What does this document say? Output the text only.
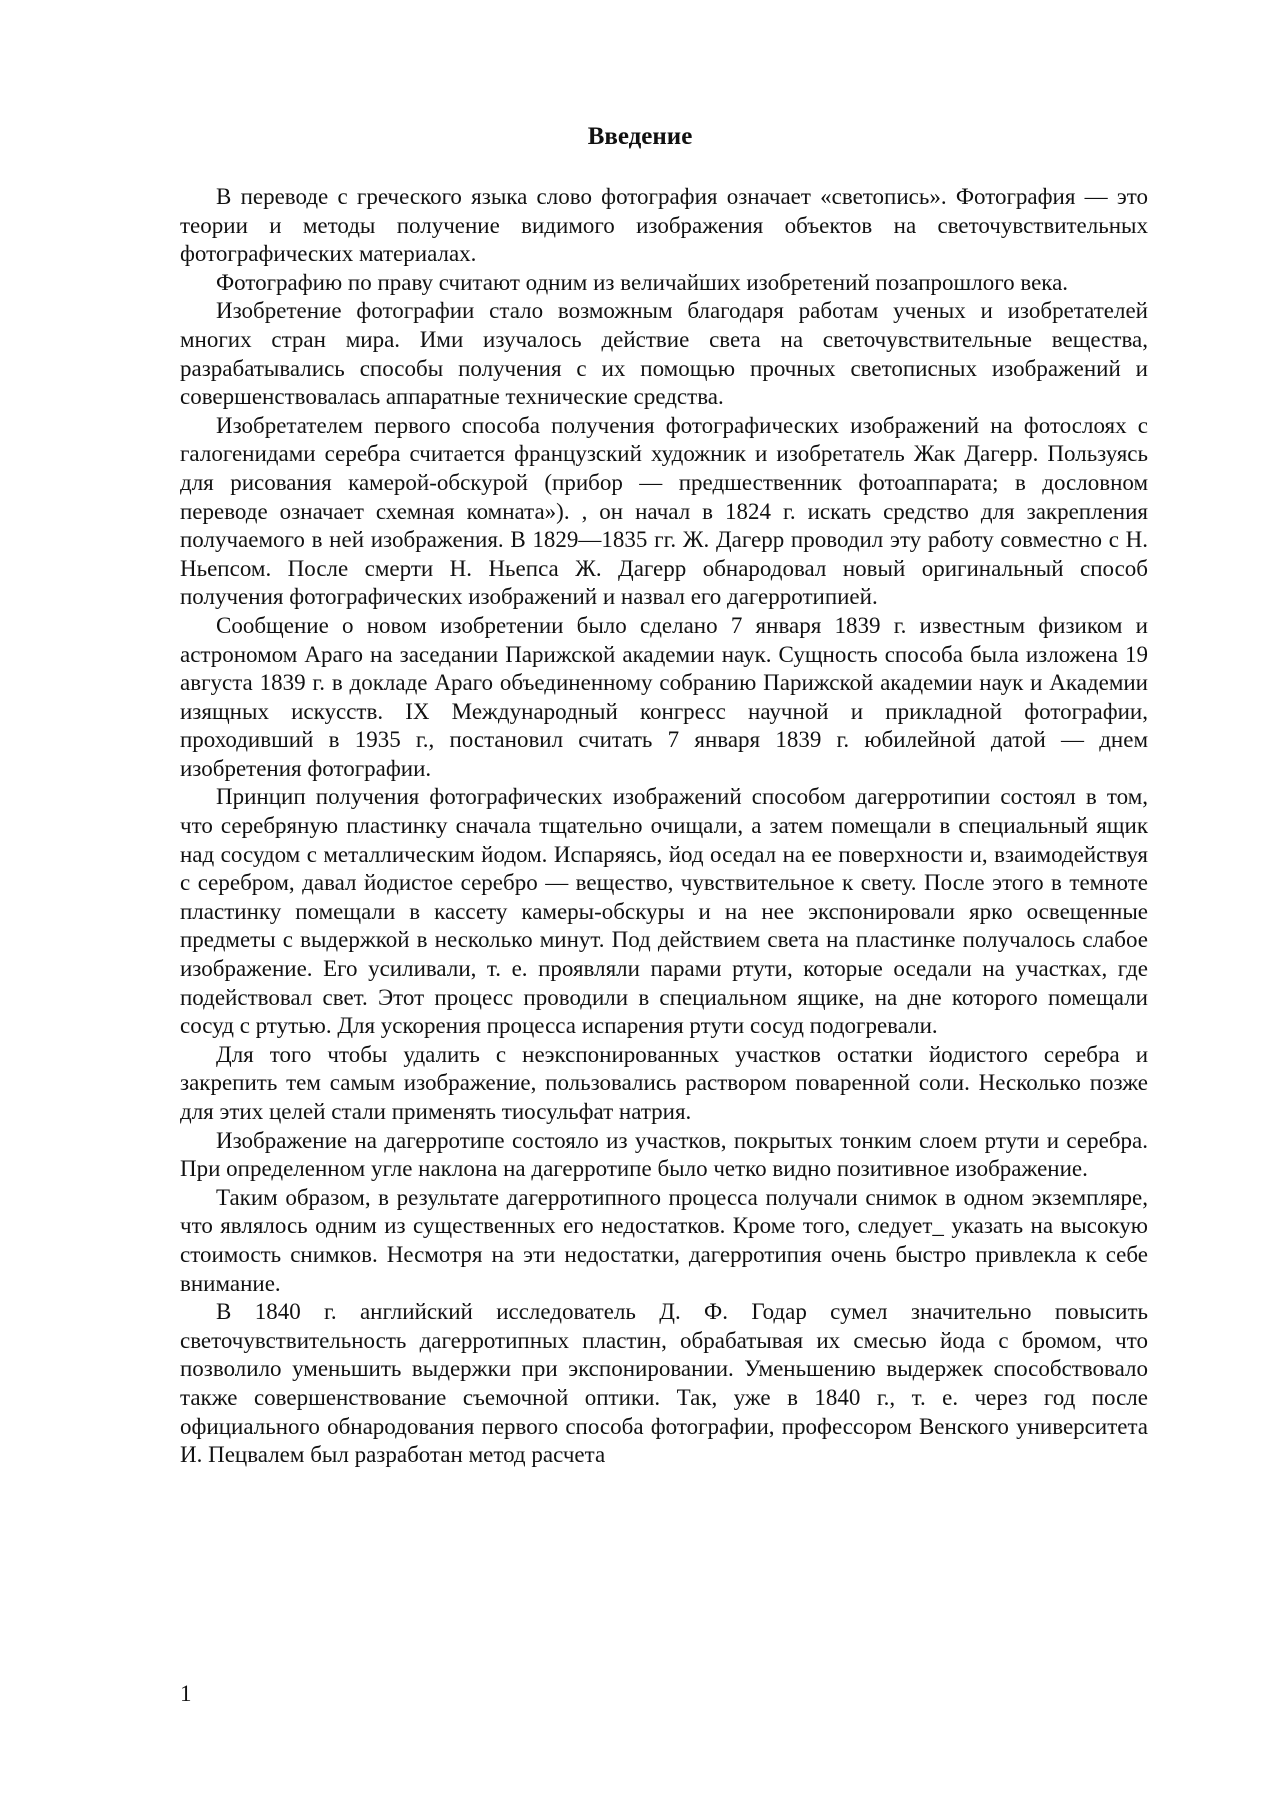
Введение

В переводе с греческого языка слово фотография означает «светопись». Фотография — это теории и методы получение видимого изображения объектов на светочувствительных фотографических материалах.

Фотографию по праву считают одним из величайших изобретений позапрошлого века.

Изобретение фотографии стало возможным благодаря работам ученых и изобретателей многих стран мира. Ими изучалось действие света на светочувствительные вещества, разрабатывались способы получения с их помощью прочных светописных изображений и совершенствовалась аппаратные технические средства.

Изобретателем первого способа получения фотографических изображений на фотослоях с галогенидами серебра считается французский художник и изобретатель Жак Дагерр. Пользуясь для рисования камерой-обскурой (прибор — предшественник фотоаппарата; в дословном переводе означает схемная комната»). , он начал в 1824 г. искать средство для закрепления получаемого в ней изображения. В 1829—1835 гг. Ж. Дагерр проводил эту работу совместно с Н. Ньепсом. После смерти Н. Ньепса Ж. Дагерр обнародовал новый оригинальный способ получения фотографических изображений и назвал его дагерротипией.

Сообщение о новом изобретении было сделано 7 января 1839 г. известным физиком и астрономом Араго на заседании Парижской академии наук. Сущность способа была изложена 19 августа 1839 г. в докладе Араго объединенному собранию Парижской академии наук и Академии изящных искусств. IX Международный конгресс научной и прикладной фотографии, проходивший в 1935 г., постановил считать 7 января 1839 г. юбилейной датой — днем изобретения фотографии.

Принцип получения фотографических изображений способом дагерротипии состоял в том, что серебряную пластинку сначала тщательно очищали, а затем помещали в специальный ящик над сосудом с металлическим йодом. Испаряясь, йод оседал на ее поверхности и, взаимодействуя с серебром, давал йодистое серебро — вещество, чувствительное к свету. После этого в темноте пластинку помещали в кассету камеры-обскуры и на нее экспонировали ярко освещенные предметы с выдержкой в несколько минут. Под действием света на пластинке получалось слабое изображение. Его усиливали, т. е. проявляли парами ртути, которые оседали на участках, где подействовал свет. Этот процесс проводили в специальном ящике, на дне которого помещали сосуд с ртутью. Для ускорения процесса испарения ртути сосуд подогревали.

Для того чтобы удалить с неэкспонированных участков остатки йодистого серебра и закрепить тем самым изображение, пользовались раствором поваренной соли. Несколько позже для этих целей стали применять тиосульфат натрия.

Изображение на дагерротипе состояло из участков, покрытых тонким слоем ртути и серебра. При определенном угле наклона на дагерротипе было четко видно позитивное изображение.

Таким образом, в результате дагерротипного процесса получали снимок в одном экземпляре, что являлось одним из существенных его недостатков. Кроме того, следует_ указать на высокую стоимость снимков. Несмотря на эти недостатки, дагерротипия очень быстро привлекла к себе внимание.

В 1840 г. английский исследователь Д. Ф. Годар сумел значительно повысить светочувствительность дагерротипных пластин, обрабатывая их смесью йода с бромом, что позволило уменьшить выдержки при экспонировании. Уменьшению выдержек способствовало также совершенствование съемочной оптики. Так, уже в 1840 г., т. е. через год после официального обнародования первого способа фотографии, профессором Венского университета И. Пецвалем был разработан метод расчета

1
